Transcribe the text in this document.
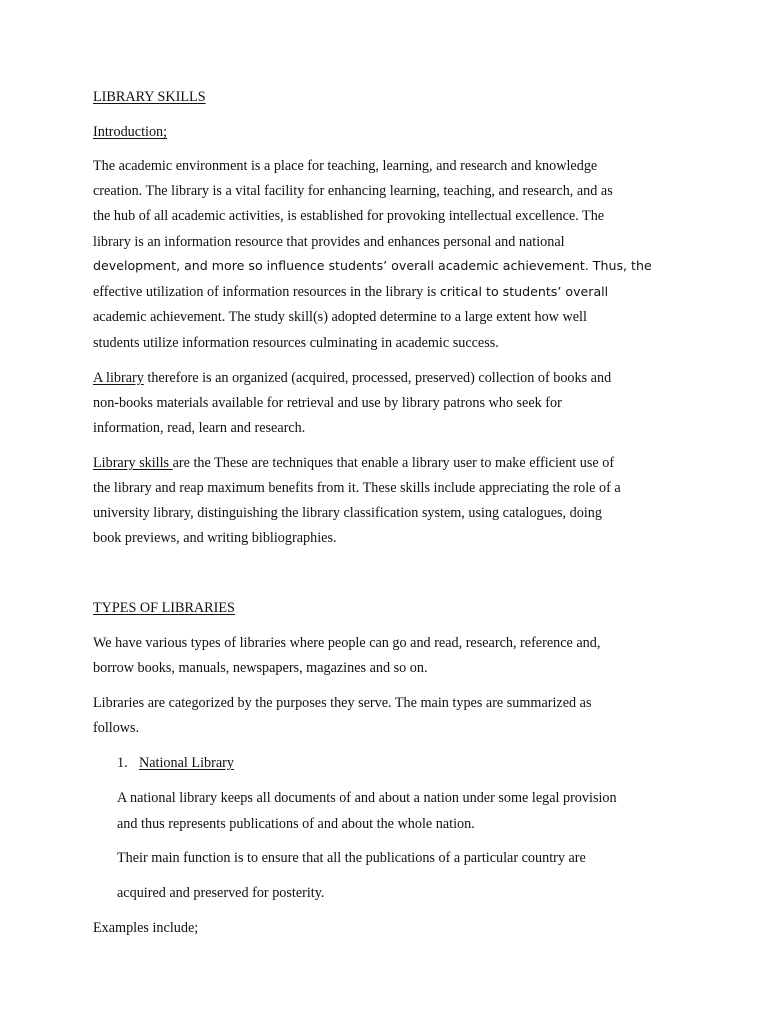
LIBRARY SKILLS
Introduction;
The academic environment is a place for teaching, learning, and research and knowledge
creation. The library is a vital facility for enhancing learning, teaching, and research, and as
the hub of all academic activities, is established for provoking intellectual excellence. The
library is an information resource that provides and enhances personal and national
development, and more so influence students’ overall academic achievement. Thus, the
effective utilization of information resources in the library is critical to students’ overall
academic achievement. The study skill(s) adopted determine to a large extent how well
students utilize information resources culminating in academic success.
A library therefore is an organized (acquired, processed, preserved) collection of books and
non-books materials available for retrieval and use by library patrons who seek for
information, read, learn and research.
Library skills are the These are techniques that enable a library user to make efficient use of
the library and reap maximum benefits from it. These skills include appreciating the role of a
university library, distinguishing the library classification system, using catalogues, doing
book previews, and writing bibliographies.
TYPES OF LIBRARIES
We have various types of libraries where people can go and read, research, reference and,
borrow books, manuals, newspapers, magazines and so on.
Libraries are categorized by the purposes they serve. The main types are summarized as
follows.
1. National Library
A national library keeps all documents of and about a nation under some legal provision
and thus represents publications of and about the whole nation.
Their main function is to ensure that all the publications of a particular country are
acquired and preserved for posterity.
Examples include;
